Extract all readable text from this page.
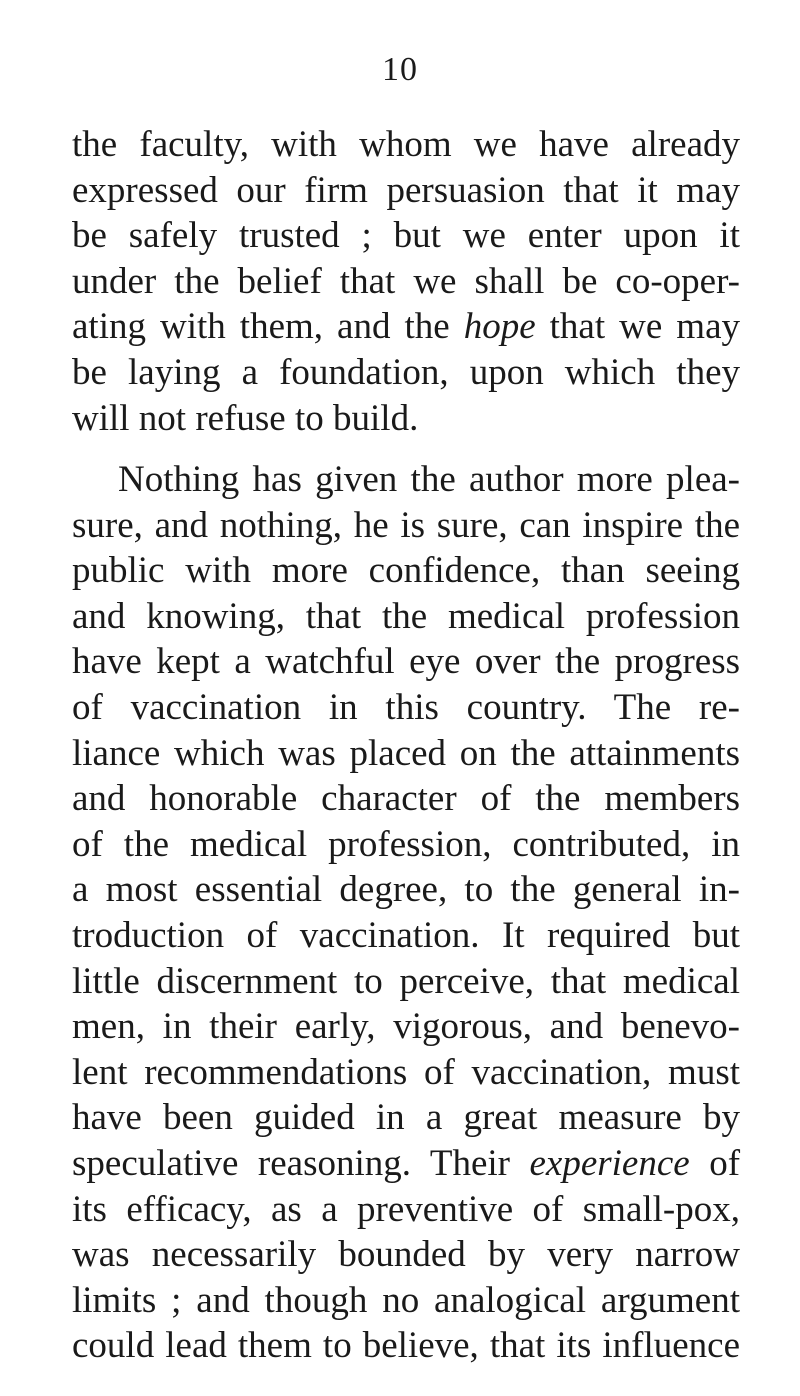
10
the faculty, with whom we have already
expressed our firm persuasion that it may
be safely trusted ; but we enter upon it
under the belief that we shall be co-oper-
ating with them, and the hope that we may
be laying a foundation, upon which they
will not refuse to build.
Nothing has given the author more plea-
sure, and nothing, he is sure, can inspire the
public with more confidence, than seeing
and knowing, that the medical profession
have kept a watchful eye over the progress
of vaccination in this country. The re-
liance which was placed on the attainments
and honorable character of the members
of the medical profession, contributed, in
a most essential degree, to the general in-
troduction of vaccination. It required but
little discernment to perceive, that medical
men, in their early, vigorous, and benevo-
lent recommendations of vaccination, must
have been guided in a great measure by
speculative reasoning. Their experience of
its efficacy, as a preventive of small-pox,
was necessarily bounded by very narrow
limits ; and though no analogical argument
could lead them to believe, that its influence
